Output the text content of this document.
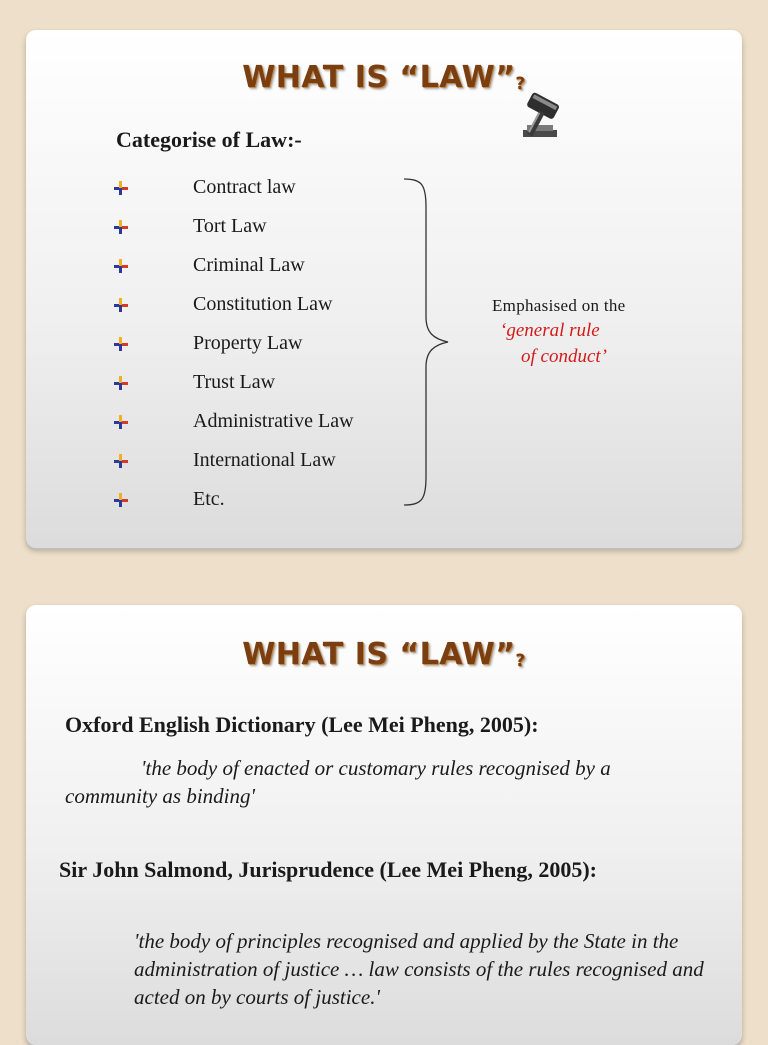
WHAT IS “LAW”?
Categorise of Law:-
Contract law
Tort Law
Criminal Law
Constitution Law
Property Law
Trust Law
Administrative Law
International Law
Etc.
Emphasised on the
‘general rule
of conduct’
WHAT IS “LAW”?
Oxford English Dictionary (Lee Mei Pheng, 2005):

'the body of enacted or customary rules recognised by a community as binding'

Sir John Salmond, Jurisprudence (Lee Mei Pheng, 2005):

'the body of principles recognised and applied by the State in the administration of justice … law consists of the rules recognised and acted on by courts of justice.'
